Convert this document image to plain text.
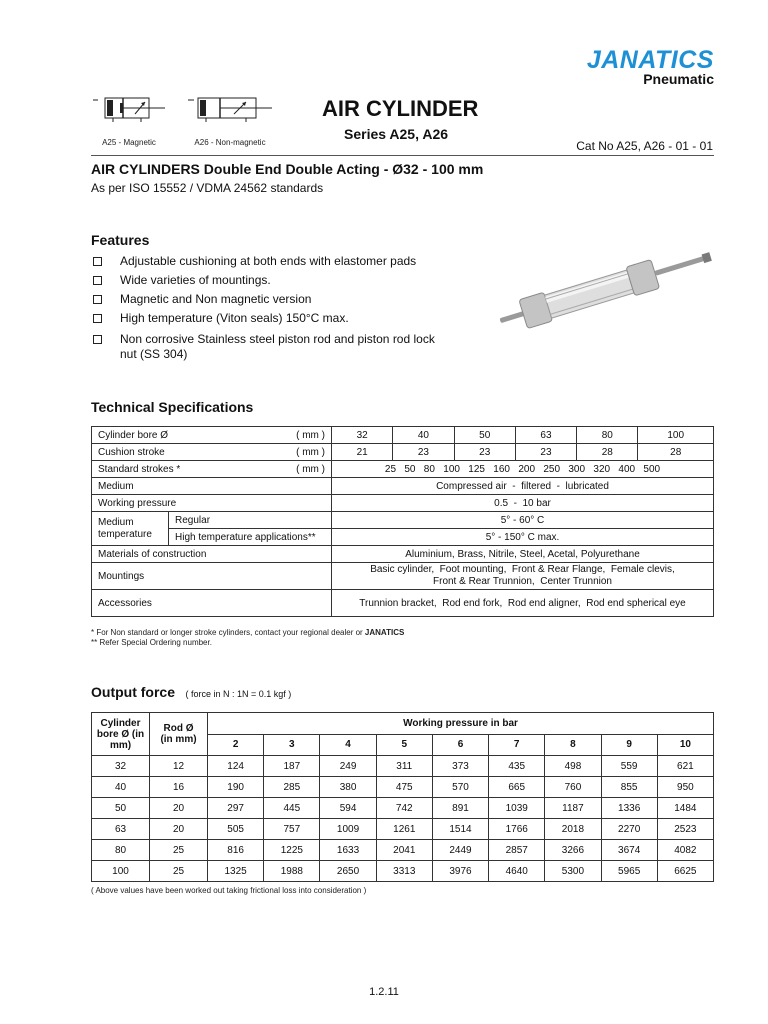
JANATICS
Pneumatic
A25 - Magnetic	A26 - Non-magnetic
AIR CYLINDER
Series A25, A26
Cat No A25, A26 - 01 - 01
AIR CYLINDERS Double End Double Acting - Ø32 - 100 mm
As per ISO 15552 / VDMA 24562 standards
Features
Adjustable cushioning at both ends with elastomer pads
Wide varieties of mountings.
Magnetic and Non magnetic version
High temperature (Viton seals) 150°C max.
Non corrosive Stainless steel piston rod and piston rod lock nut (SS 304)
Technical Specifications
Cylinder bore Ø ( mm )		32	40	50	63	80	100
Cushion stroke ( mm )		21	23	23	23	28	28
Standard strokes * ( mm )		25   50   80   100   125   160   200   250   300   320   400   500					
Medium		Compressed air  -  filtered  -  lubricated					
Working pressure		0.5  -  10 bar					
Medium temperature	Regular	5° - 60° C					
	High temperature applications**	5° - 150° C max.					
Materials of construction		Aluminium, Brass, Nitrile, Steel, Acetal, Polyurethane					
Mountings		Basic cylinder,  Foot mounting,  Front & Rear Flange,  Female clevis,
Front & Rear Trunnion,  Center Trunnion					

Accessories		Trunnion bracket,  Rod end fork,  Rod end aligner,  Rod end spherical eye					
* For Non standard or longer stroke cylinders, contact your regional dealer or JANATICS
** Refer Special Ordering number.
Output force ( force in N : 1N = 0.1 kgf )
Cylinder bore Ø (in mm)	Rod Ø (in mm)	Working pressure in bar								
		2	3	4	5	6	7	8	9	10
32	12	124	187	249	311	373	435	498	559	621
40	16	190	285	380	475	570	665	760	855	950
50	20	297	445	594	742	891	1039	1187	1336	1484
63	20	505	757	1009	1261	1514	1766	2018	2270	2523
80	25	816	1225	1633	2041	2449	2857	3266	3674	4082
100	25	1325	1988	2650	3313	3976	4640	5300	5965	6625
( Above values have been worked out taking frictional loss into consideration )
1.2.11
